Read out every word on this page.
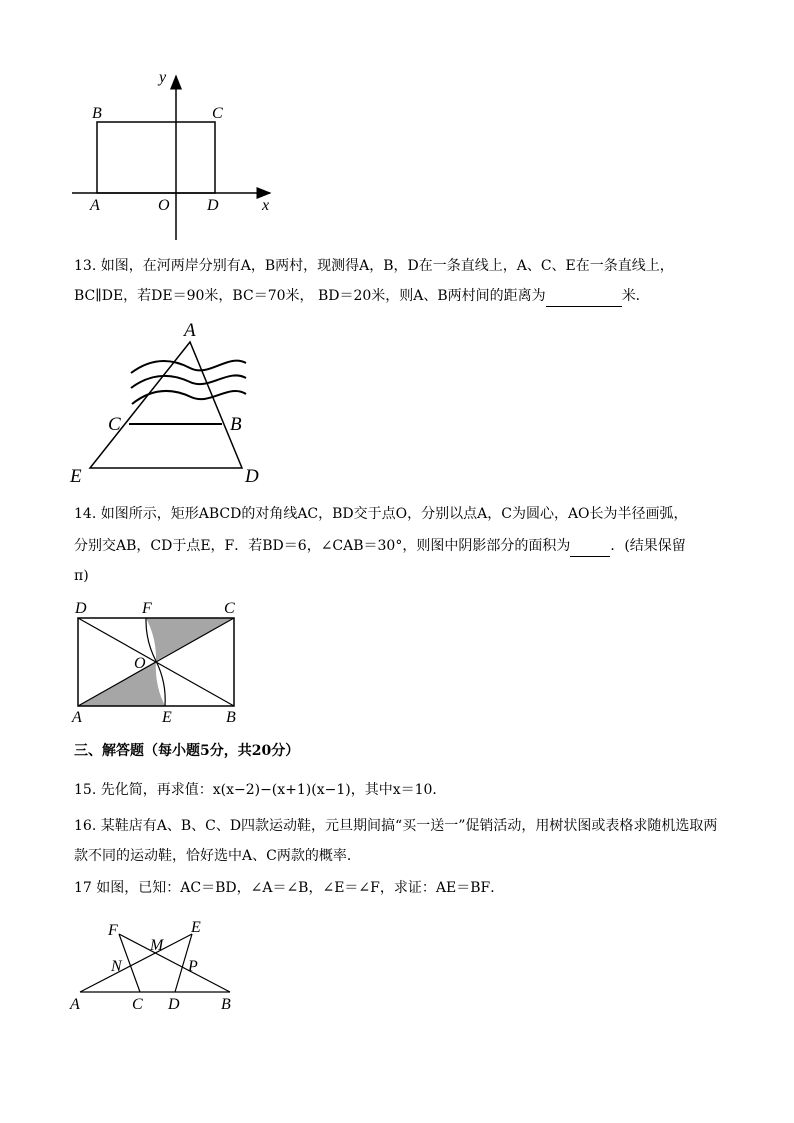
y
B	C
A	O D	x
13. 如图，在河两岸分别有A，B两村，现测得A，B，D在一条直线上，A、C、E在一条直线上，
BC∥DE，若DE＝90米，BC＝70米， BD＝20米，则A、B两村间的距离为	米．
A
C	B
E	D
14. 如图所示，矩形ABCD的对角线AC，BD交于点O，分别以点A，C为圆心，AO长为半径画弧，
分别交AB，CD于点E，F．若BD＝6，∠CAB＝30°，则图中阴影部分的面积为	．(结果保留
π)
D	F	C
O
A	E	B
三、解答题（每小题5分，共20分）
15. 先化简，再求值：x(x−2)−(x+1)(x−1)，其中x＝10．
16. 某鞋店有A、B、C、D四款运动鞋，元旦期间搞“买一送一”促销活动，用树状图或表格求随机选取两
款不同的运动鞋，恰好选中A、C两款的概率．
17 如图，已知：AC＝BD，∠A＝∠B，∠E＝∠F，求证：AE＝BF．
F	E
M
N	P
A	C D	B
